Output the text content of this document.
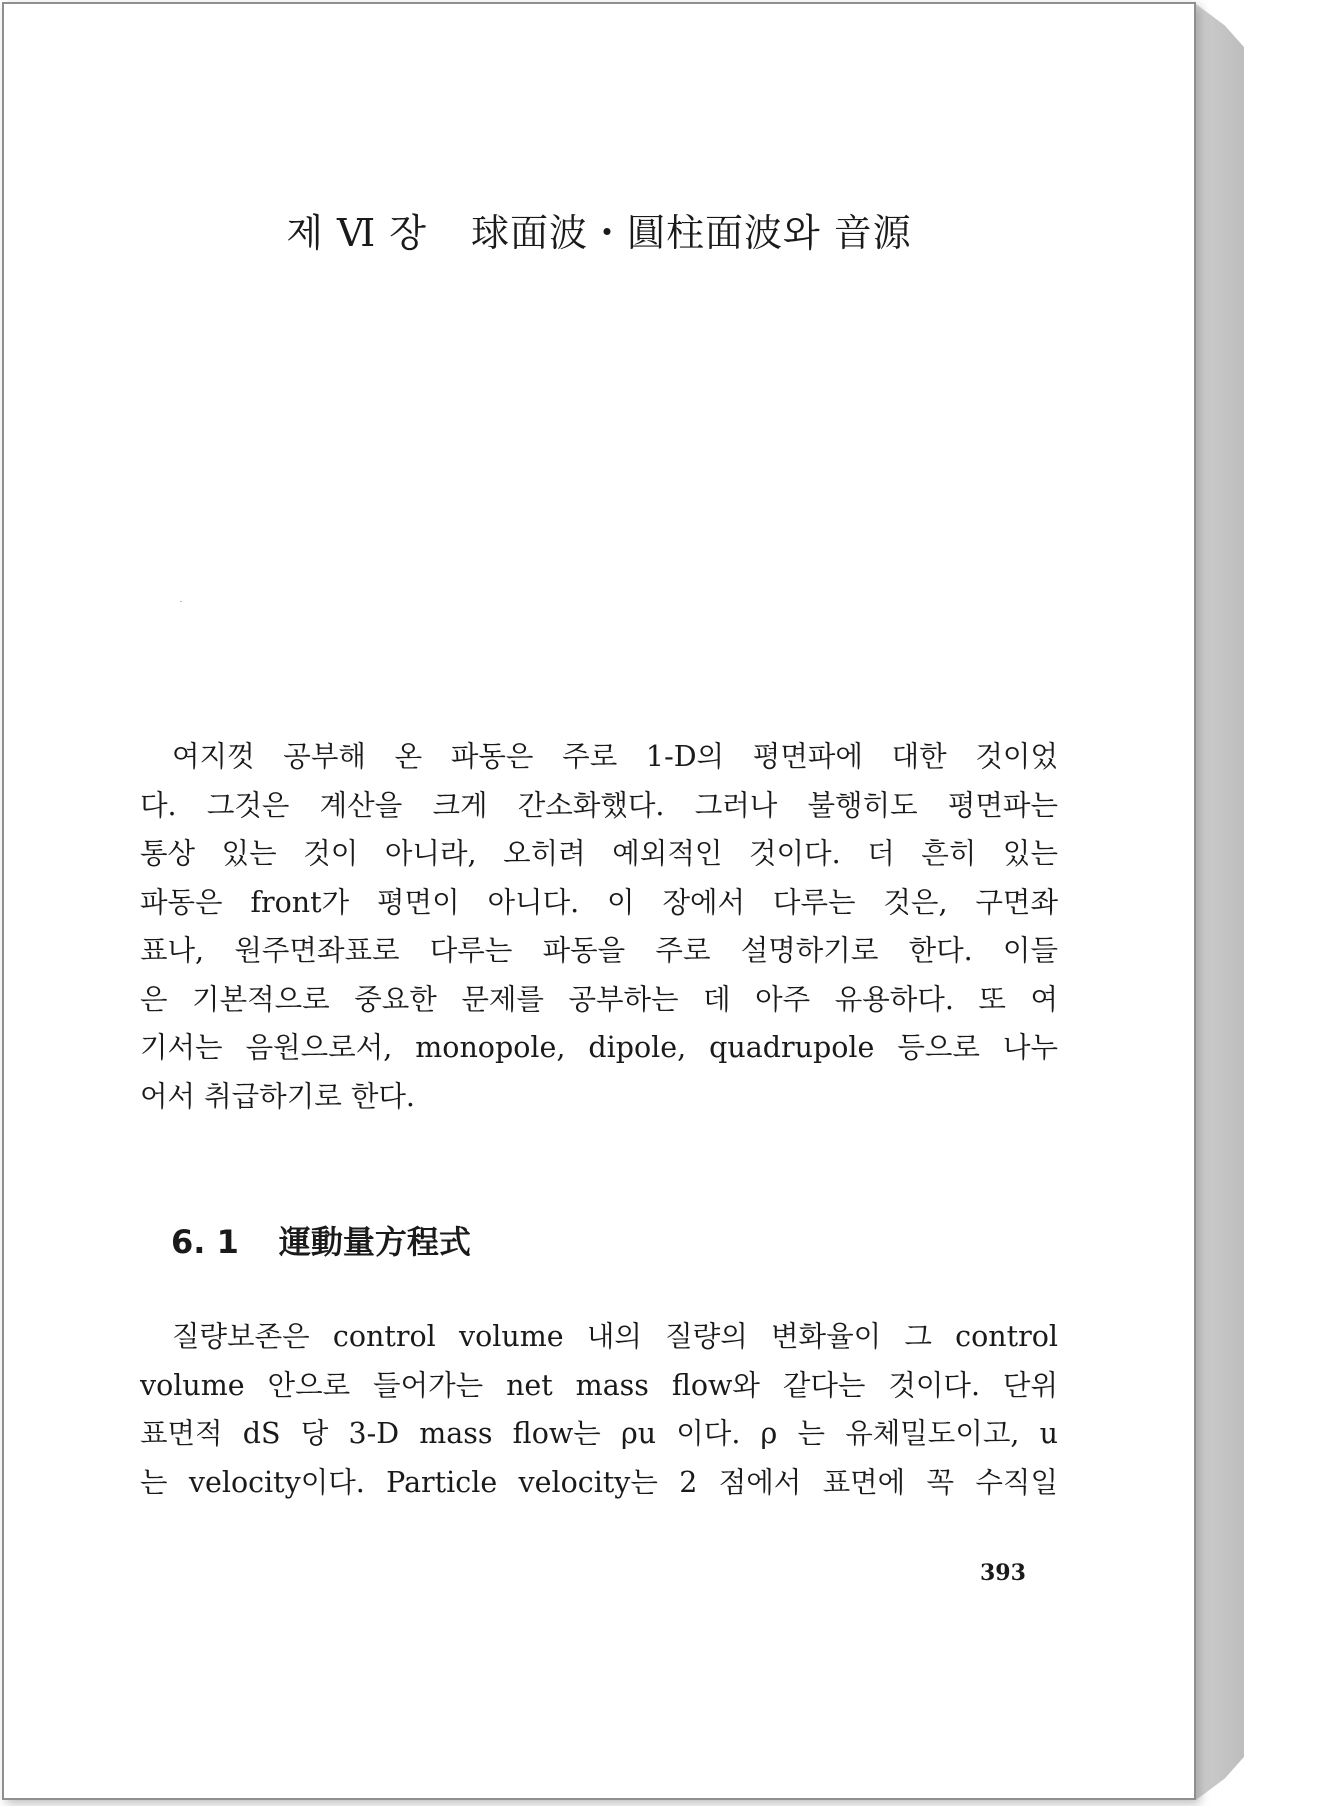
제 Ⅵ 장 球面波・圓柱面波와 音源
여지껏 공부해 온 파동은 주로 1-D의 평면파에 대한 것이었
다. 그것은 계산을 크게 간소화했다. 그러나 불행히도 평면파는
통상 있는 것이 아니라, 오히려 예외적인 것이다. 더 흔히 있는
파동은 front가 평면이 아니다. 이 장에서 다루는 것은, 구면좌
표나, 원주면좌표로 다루는 파동을 주로 설명하기로 한다. 이들
은 기본적으로 중요한 문제를 공부하는 데 아주 유용하다. 또 여
기서는 음원으로서, monopole, dipole, quadrupole 등으로 나누
어서 취급하기로 한다.
6. 1 運動量方程式
질량보존은 control volume 내의 질량의 변화율이 그 control
volume 안으로 들어가는 net mass flow와 같다는 것이다. 단위
표면적 dS 당 3-D mass flow는 ρu 이다. ρ 는 유체밀도이고, u
는 velocity이다. Particle velocity는 2 점에서 표면에 꼭 수직일
393
